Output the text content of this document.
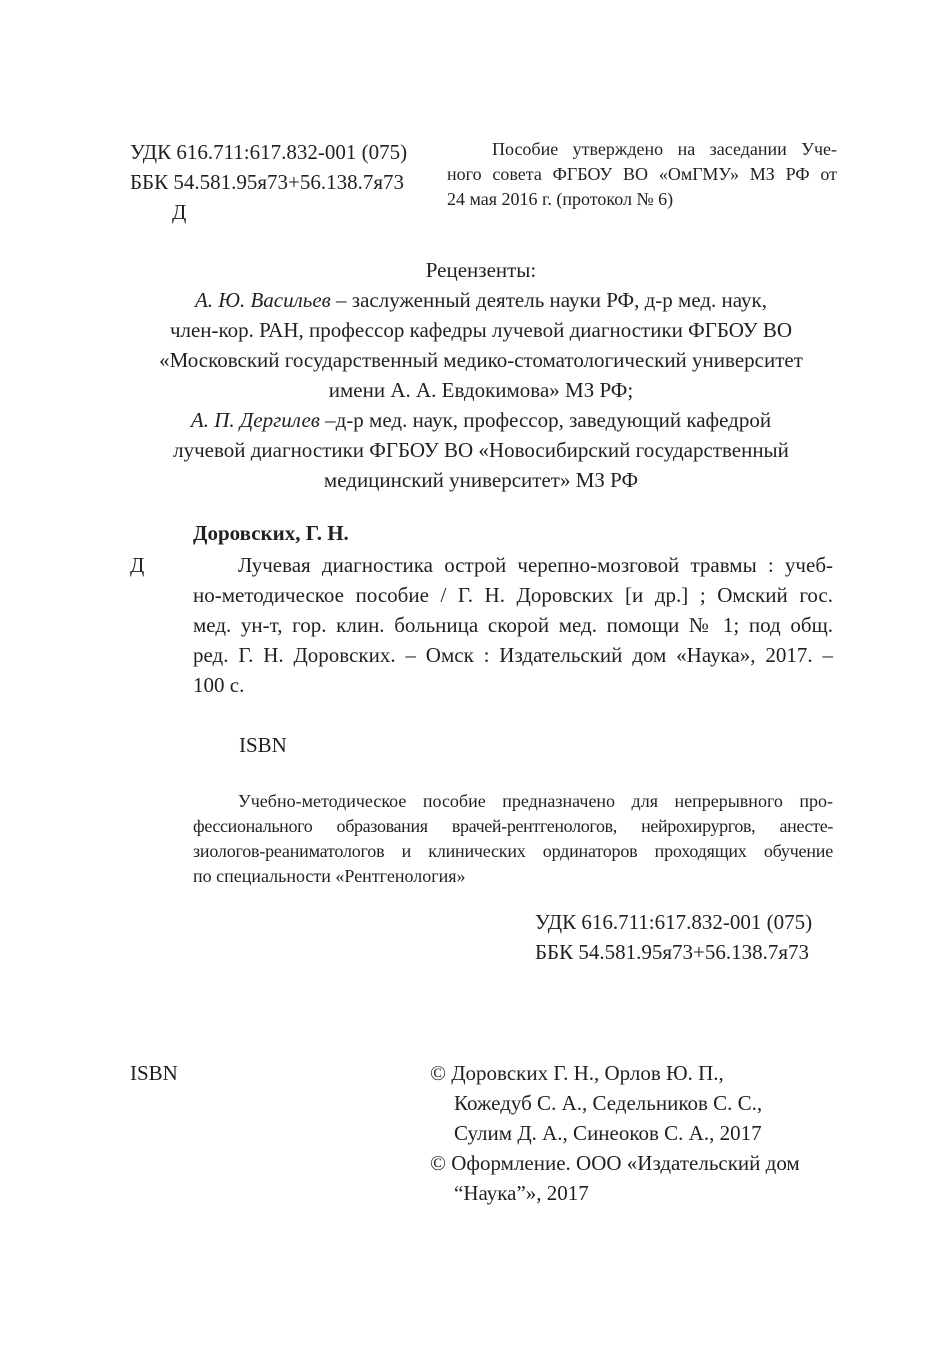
УДК 616.711:617.832-001 (075)
ББК 54.581.95я73+56.138.7я73
Д
Пособие утверждено на заседании Уче-
ного совета ФГБОУ ВО «ОмГМУ» МЗ РФ от
24 мая 2016 г. (протокол № 6)
Рецензенты:
А. Ю. Васильев – заслуженный деятель науки РФ, д-р мед. наук,
член-кор. РАН, профессор кафедры лучевой диагностики ФГБОУ ВО
«Московский государственный медико-стоматологический университет
имени А. А. Евдокимова» МЗ РФ;
А. П. Дергилев –д-р мед. наук, профессор, заведующий кафедрой
лучевой диагностики ФГБОУ ВО «Новосибирский государственный
медицинский университет» МЗ РФ
Доровских, Г. Н.
Д	Лучевая диагностика острой черепно-мозговой травмы : учеб-
но-методическое пособие / Г. Н. Доровских [и др.] ; Омский гос.
мед. ун-т, гор. клин. больница скорой мед. помощи № 1; под общ.
ред. Г. Н. Доровских. – Омск : Издательский дом «Наука», 2017. –
100 с.
ISBN
Учебно-методическое пособие предназначено для непрерывного про-
фессионального образования врачей-рентгенологов, нейрохирургов, анесте-
зиологов-реаниматологов и клинических ординаторов проходящих обучение
по специальности «Рентгенология»
УДК 616.711:617.832-001 (075)
ББК 54.581.95я73+56.138.7я73
ISBN	© Доровских Г. Н., Орлов Ю. П.,
Кожедуб С. А., Седельников С. С.,
Сулим Д. А., Синеоков С. А., 2017
© Оформление. ООО «Издательский дом
“Наука”», 2017
